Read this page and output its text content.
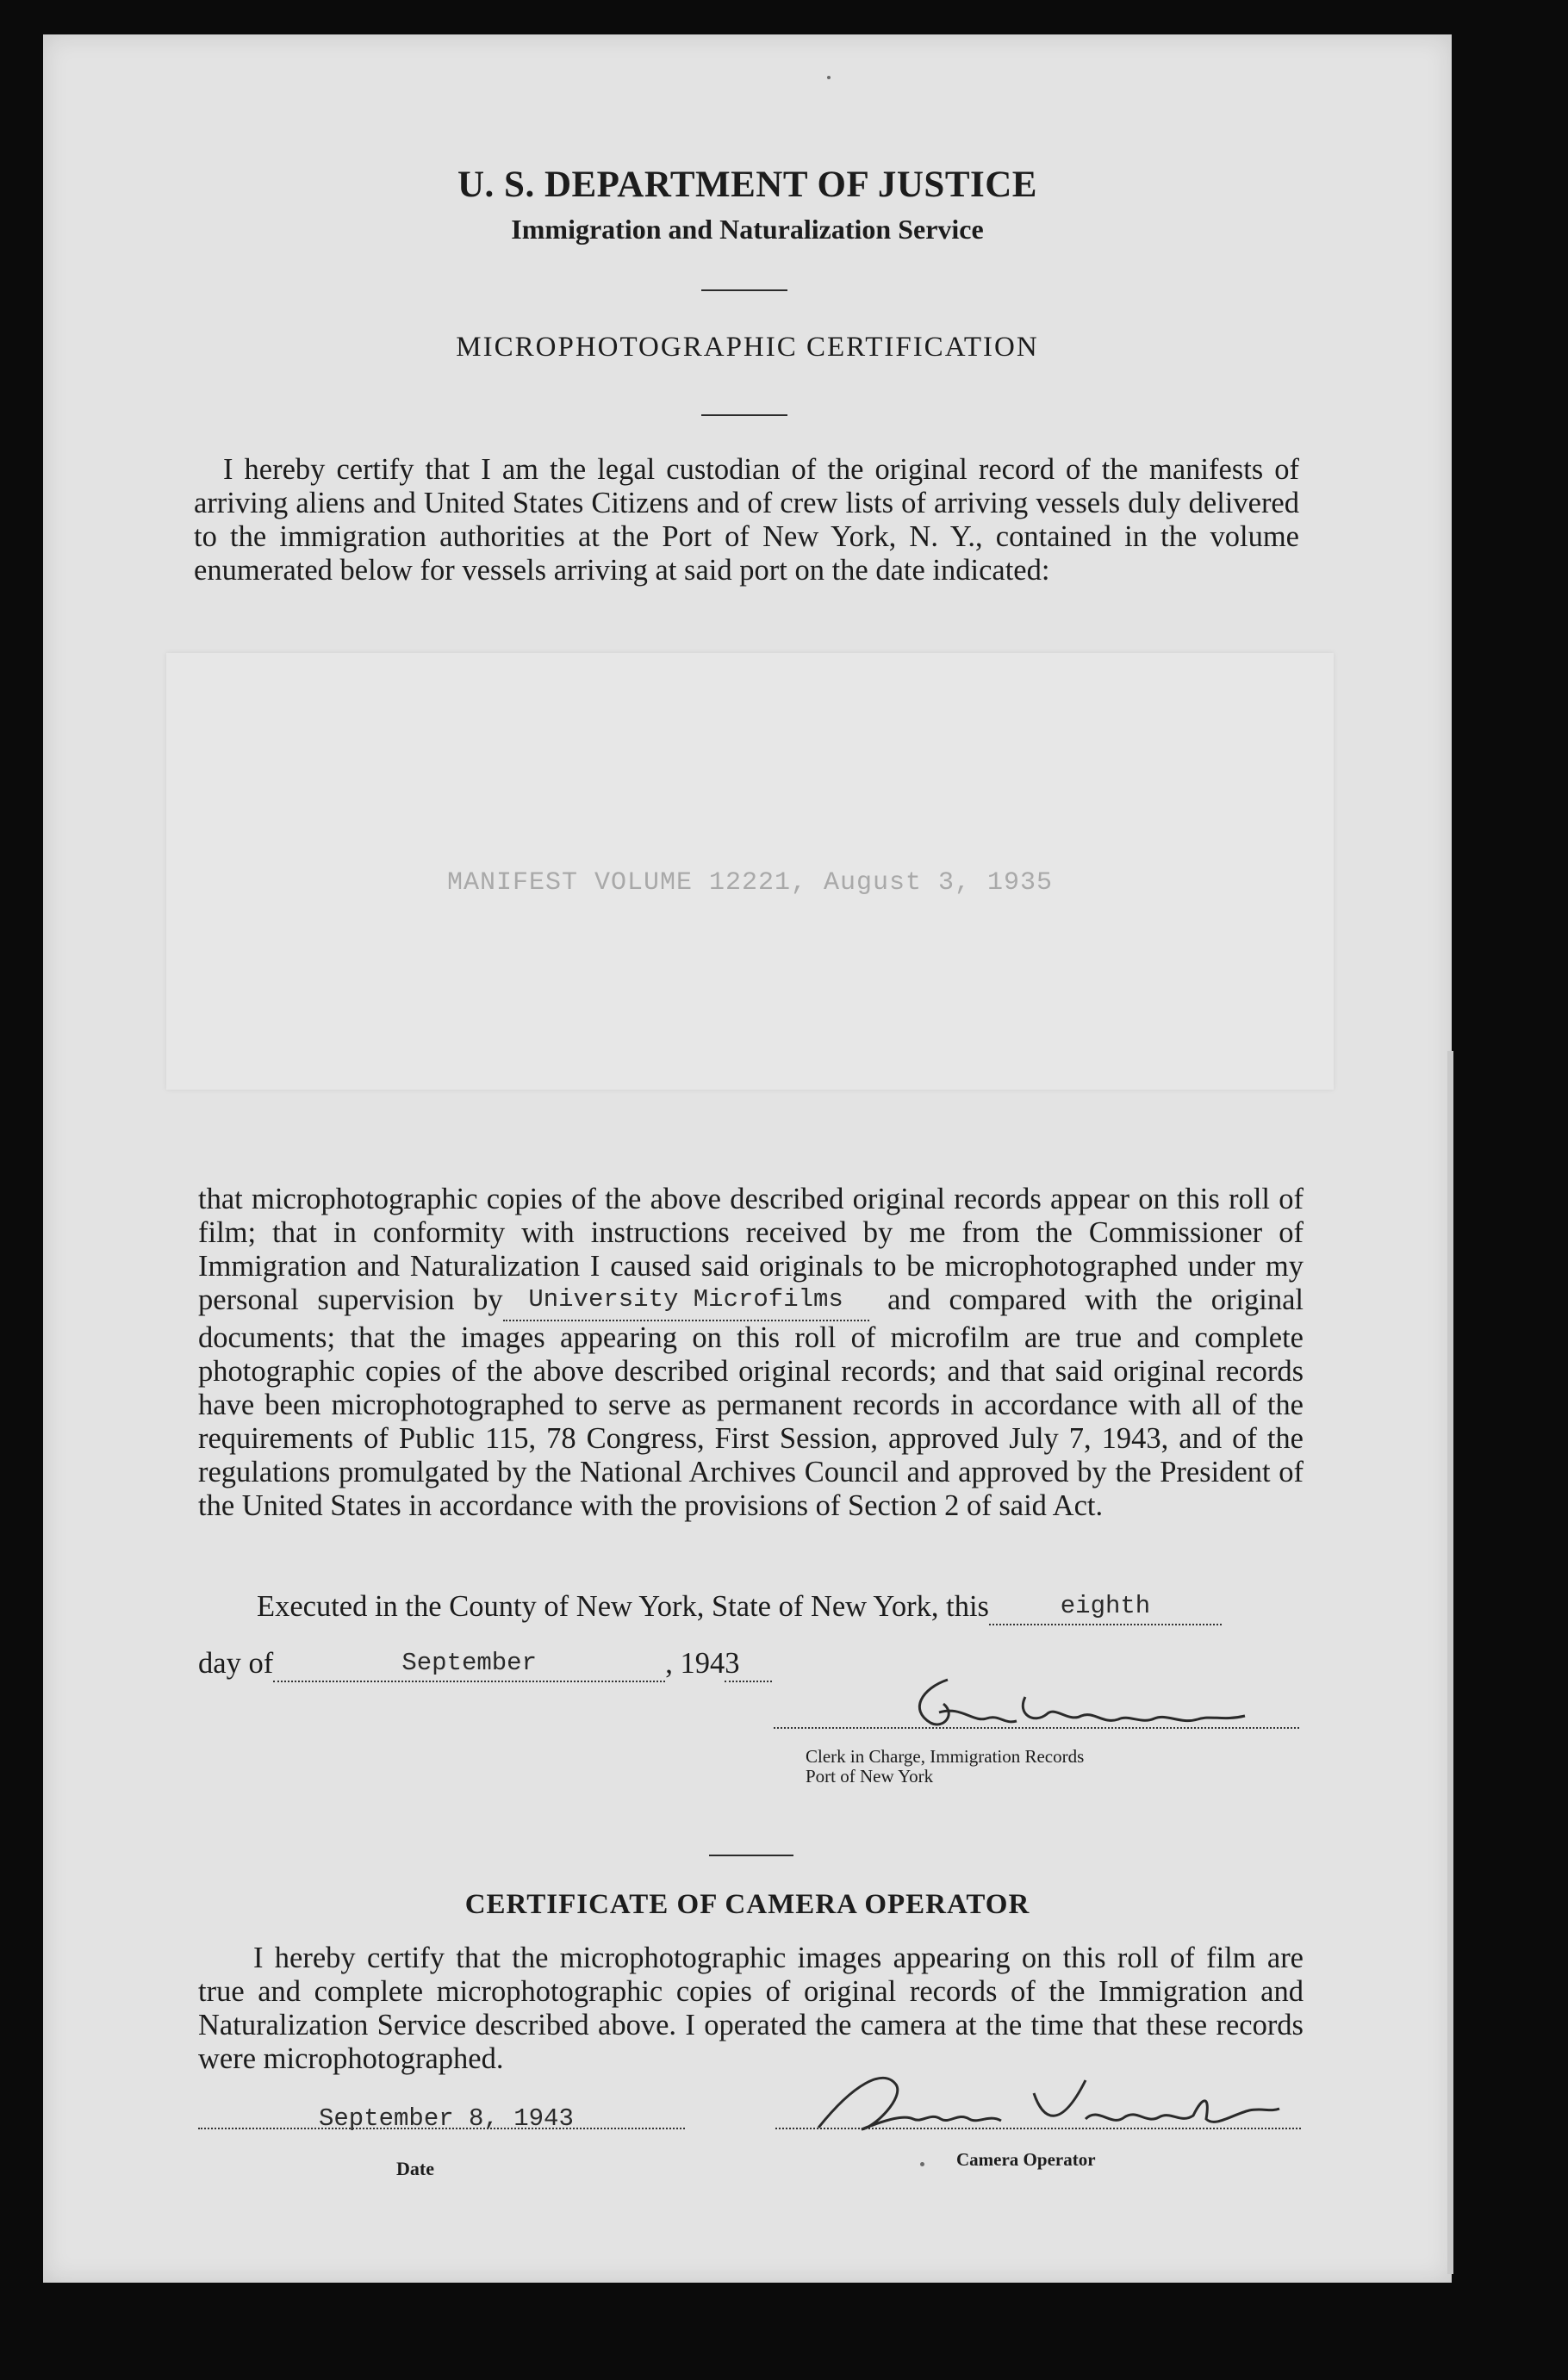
U. S. DEPARTMENT OF JUSTICE
Immigration and Naturalization Service
MICROPHOTOGRAPHIC CERTIFICATION
I hereby certify that I am the legal custodian of the original record of the manifests of arriving aliens and United States Citizens and of crew lists of arriving vessels duly delivered to the immigration authorities at the Port of New York, N. Y., contained in the volume enumerated below for vessels arriving at said port on the date indicated:
MANIFEST VOLUME 12221, August 3, 1935
that microphotographic copies of the above described original records appear on this roll of film; that in conformity with instructions received by me from the Commissioner of Immigration and Naturalization I caused said originals to be microphotographed under my personal supervision by University Microfilms and compared with the original documents; that the images appearing on this roll of microfilm are true and complete photographic copies of the above described original records; and that said original records have been microphotographed to serve as permanent records in accordance with all of the requirements of Public 115, 78 Congress, First Session, approved July 7, 1943, and of the regulations promulgated by the National Archives Council and approved by the President of the United States in accordance with the provisions of Section 2 of said Act.
Executed in the County of New York, State of New York, this	eighth
day of	September	, 1943
Clerk in Charge, Immigration Records
Port of New York
CERTIFICATE OF CAMERA OPERATOR
I hereby certify that the microphotographic images appearing on this roll of film are true and complete microphotographic copies of original records of the Immigration and Naturalization Service described above. I operated the camera at the time that these records were microphotographed.
September 8, 1943
Date	Camera Operator
